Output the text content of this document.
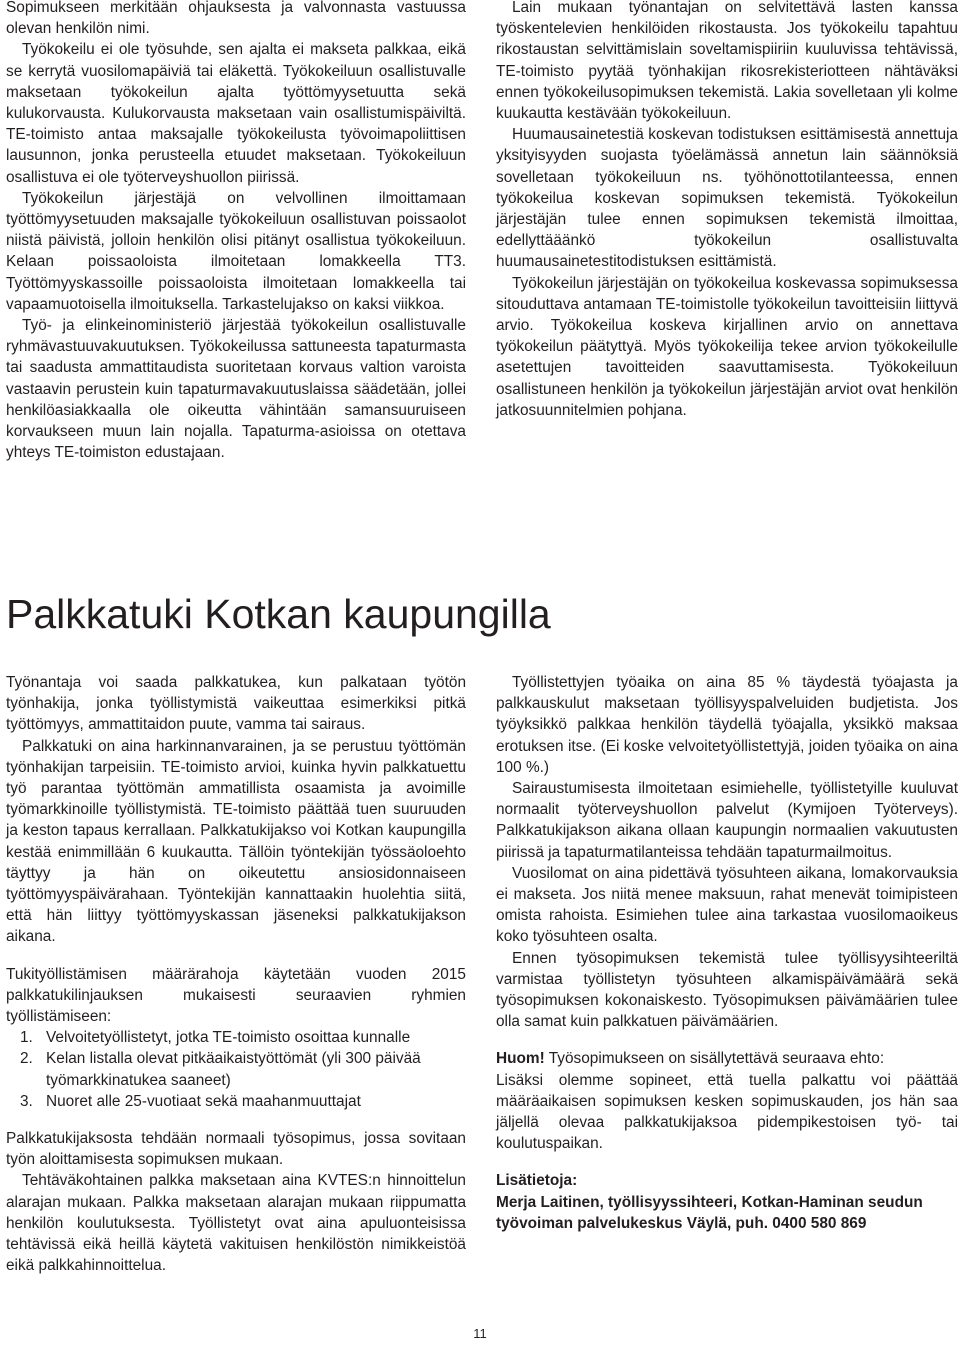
Sopimukseen merkitään ohjauksesta ja valvonnasta vastuussa olevan henkilön nimi.

Työkokeilu ei ole työsuhde, sen ajalta ei makseta palkkaa, eikä se kerrytä vuosilomapäiviä tai eläkettä. Työkokeiluun osallistuvalle maksetaan työkokeilun ajalta työttömyysetuutta sekä kulukorvausta. Kulukorvausta maksetaan vain osallistumispäiviltä. TE-toimisto antaa maksajalle työkokeilusta työvoimapoliittisen lausunnon, jonka perusteella etuudet maksetaan. Työkokeiluun osallistuva ei ole työterveyshuollon piirissä.

Työkokeilun järjestäjä on velvollinen ilmoittamaan työttömyysetuuden maksajalle työkokeiluun osallistuvan poissaolot niistä päivistä, jolloin henkilön olisi pitänyt osallistua työkokeiluun. Kelaan poissaoloista ilmoitetaan lomakkeella TT3. Työttömyyskassoille poissaoloista ilmoitetaan lomakkeella tai vapaamuotoisella ilmoituksella. Tarkastelujakso on kaksi viikkoa.

Työ- ja elinkeinoministeriö järjestää työkokeilun osallistuvalle ryhmävastuuvakuutuksen. Työkokeilussa sattuneesta tapaturmasta tai saadusta ammattitaudista suoritetaan korvaus valtion varoista vastaavin perustein kuin tapaturmavakuutuslaissa säädetään, jollei henkilöasiakkaalla ole oikeutta vähintään samansuuruiseen korvaukseen muun lain nojalla. Tapaturma-asioissa on otettava yhteys TE-toimiston edustajaan.

Lain mukaan työnantajan on selvitettävä lasten kanssa työskentelevien henkilöiden rikostausta. Jos työkokeilu tapahtuu rikostaustan selvittämislain soveltamispiiriin kuuluvissa tehtävissä, TE-toimisto pyytää työnhakijan rikosrekisteriotteen nähtäväksi ennen työkokeilusopimuksen tekemistä. Lakia sovelletaan yli kolme kuukautta kestävään työkokeiluun.

Huumausainetestiä koskevan todistuksen esittämisestä annettuja yksityisyyden suojasta työelämässä annetun lain säännöksiä sovelletaan työkokeiluun ns. työhönottotilanteessa, ennen työkokeilua koskevan sopimuksen tekemistä. Työkokeilun järjestäjän tulee ennen sopimuksen tekemistä ilmoittaa, edellyttääänkö työkokeilun osallistuvalta huumausainetestitodistuksen esittämistä.

Työkokeilun järjestäjän on työkokeilua koskevassa sopimuksessa sitouduttava antamaan TE-toimistolle työkokeilun tavoitteisiin liittyvä arvio. Työkokeilua koskeva kirjallinen arvio on annettava työkokeilun päätyttyä. Myös työkokeilija tekee arvion työkokeilulle asetettujen tavoitteiden saavuttamisesta. Työkokeiluun osallistuneen henkilön ja työkokeilun järjestäjän arviot ovat henkilön jatkosuunnitelmien pohjana.

Palkkatuki Kotkan kaupungilla

Työnantaja voi saada palkkatukea, kun palkataan työtön työnhakija, jonka työllistymistä vaikeuttaa esimerkiksi pitkä työttömyys, ammattitaidon puute, vamma tai sairaus.

Palkkatuki on aina harkinnanvarainen, ja se perustuu työttömän työnhakijan tarpeisiin. TE-toimisto arvioi, kuinka hyvin palkkatuettu työ parantaa työttömän ammatillista osaamista ja avoimille työmarkkinoille työllistymistä. TE-toimisto päättää tuen suuruuden ja keston tapaus kerrallaan. Palkkatukijakso voi Kotkan kaupungilla kestää enimmillään 6 kuukautta. Tällöin työntekijän työssäoloehto täyttyy ja hän on oikeutettu ansiosidonnaiseen työttömyyspäivärahaan. Työntekijän kannattaakin huolehtia siitä, että hän liittyy työttömyyskassan jäseneksi palkkatukijakson aikana.

Tukityöllistämisen määrärahoja käytetään vuoden 2015 palkkatukilinjauksen mukaisesti seuraavien ryhmien työllistämiseen:

1. Velvoitetyöllistetyt, jotka TE-toimisto osoittaa kunnalle
2. Kelan listalla olevat pitkäaikaistyöttömät (yli 300 päivää työmarkkinatukea saaneet)
3. Nuoret alle 25-vuotiaat sekä maahanmuuttajat

Palkkatukijaksosta tehdään normaali työsopimus, jossa sovitaan työn aloittamisesta sopimuksen mukaan.

Tehtäväkohtainen palkka maksetaan aina KVTES:n hinnoittelun alarajan mukaan. Palkka maksetaan alarajan mukaan riippumatta henkilön koulutuksesta. Työllistetyt ovat aina apuluonteisissa tehtävissä eikä heillä käytetä vakituisen henkilöstön nimikkeistöä eikä palkkahinnoittelua.

Työllistettyjen työaika on aina 85 % täydestä työajasta ja palkkauskulut maksetaan työllisyyspalveluiden budjetista. Jos työyksikkö palkkaa henkilön täydellä työajalla, yksikkö maksaa erotuksen itse. (Ei koske velvoitetyöllistettyjä, joiden työaika on aina 100 %.)

Sairaustumisesta ilmoitetaan esimiehelle, työllistetyille kuuluvat normaalit työterveyshuollon palvelut (Kymijoen Työterveys). Palkkatukijakson aikana ollaan kaupungin normaalien vakuutusten piirissä ja tapaturmatilanteissa tehdään tapaturmailmoitus.

Vuosilomat on aina pidettävä työsuhteen aikana, lomakorvauksia ei makseta. Jos niitä menee maksuun, rahat menevät toimipisteen omista rahoista. Esimiehen tulee aina tarkastaa vuosilomaoikeus koko työsuhteen osalta.

Ennen työsopimuksen tekemistä tulee työllisyysihteeriltä varmistaa työllistetyn työsuhteen alkamispäivämäärä sekä työsopimuksen kokonaiskesto. Työsopimuksen päivämäärien tulee olla samat kuin palkkatuen päivämäärien.

Huom! Työsopimukseen on sisällytettävä seuraava ehto:

Lisäksi olemme sopineet, että tuella palkattu voi päättää määräaikaisen sopimuksen kesken sopimuskauden, jos hän saa jäljellä olevaa palkkatukijaksoa pidempikestoisen työ- tai koulutuspaikan.

Lisätietoja:

Merja Laitinen, työllisyyssihteeri, Kotkan-Haminan seudun työvoiman palvelukeskus Väylä, puh. 0400 580 869

11
